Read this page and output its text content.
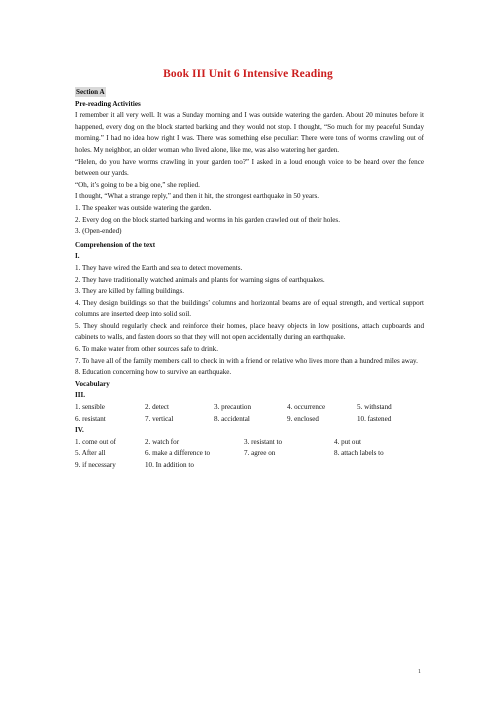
Book III Unit 6 Intensive Reading
Section A
Pre-reading Activities

I remember it all very well. It was a Sunday morning and I was outside watering the garden. About 20 minutes before it happened, every dog on the block started barking and they would not stop. I thought, “So much for my peaceful Sunday morning.” I had no idea how right I was. There was something else peculiar: There were tons of worms crawling out of holes. My neighbor, an older woman who lived alone, like me, was also watering her garden.

“Helen, do you have worms crawling in your garden too?” I asked in a loud enough voice to be heard over the fence between our yards.

“Oh, it’s going to be a big one,” she replied.

I thought, “What a strange reply,” and then it hit, the strongest earthquake in 50 years.

1. The speaker was outside watering the garden.

2. Every dog on the block started barking and worms in his garden crawled out of their holes.

3. (Open-ended)

Comprehension of the text
I.

1. They have wired the Earth and sea to detect movements.

2. They have traditionally watched animals and plants for warning signs of earthquakes.

3. They are killed by falling buildings.

4. They design buildings so that the buildings’ columns and horizontal beams are of equal strength, and vertical support columns are inserted deep into solid soil.

5. They should regularly check and reinforce their homes, place heavy objects in low positions, attach cupboards and cabinets to walls, and fasten doors so that they will not open accidentally during an earthquake.

6. To make water from other sources safe to drink.

7. To have all of the family members call to check in with a friend or relative who lives more than a hundred miles away.

8. Education concerning how to survive an earthquake.

Vocabulary
III.
1. sensible	2. detect	3. precaution	4. occurrence	5. withstand
6. resistant	7. vertical	8. accidental	9. enclosed	10. fastened
IV.
1. come out of	2. watch for	3. resistant to	4. put out
5. After all	6. make a difference to	7. agree on	8. attach labels to
9. if necessary	10. In addition to
1
